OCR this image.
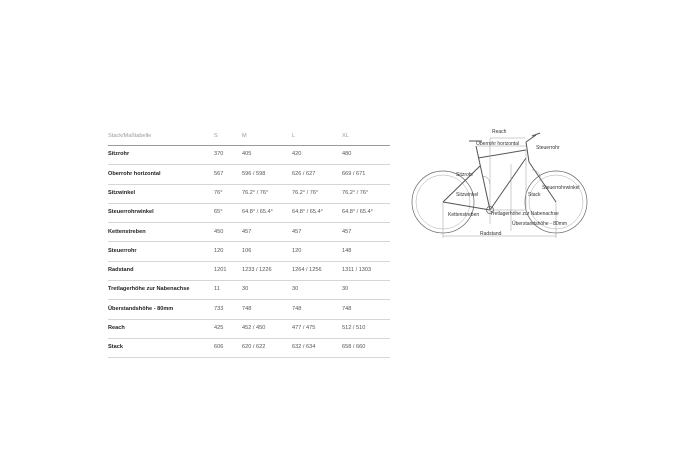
Stack/Maßtabelle	S	M	L	XL
Sitzrohr	370	405	420	480
Oberrohr horizontal	567	596 / 598	626 / 627	669 / 671
Sitzwinkel	76°	76.2° / 76°	76.2° / 76°	76.2° / 76°
Steuerrohrwinkel	65°	64.8° / 65.4°	64.8° / 65.4°	64.8° / 65.4°
Kettenstreben	450	457	457	457
Steuerrohr	120	106	120	148
Radstand	1201	1233 / 1226	1264 / 1256	1311 / 1303
Tretlagerhöhe zur Nabenachse	11	30	30	30
Überstandshöhe - 80mm	733	748	748	748
Reach	425	452 / 450	477 / 475	512 / 510
Stack	606	620 / 622	632 / 634	658 / 660
Reach
Oberrohr horizontal
Steuerrohr
Sitzrohr
Steuerrohrwinkel
Stack
Sitzwinkel
Tretlagerhöhe zur Nabenachse
Kettenstreben
Überstandshöhe - 80mm
Radstand
